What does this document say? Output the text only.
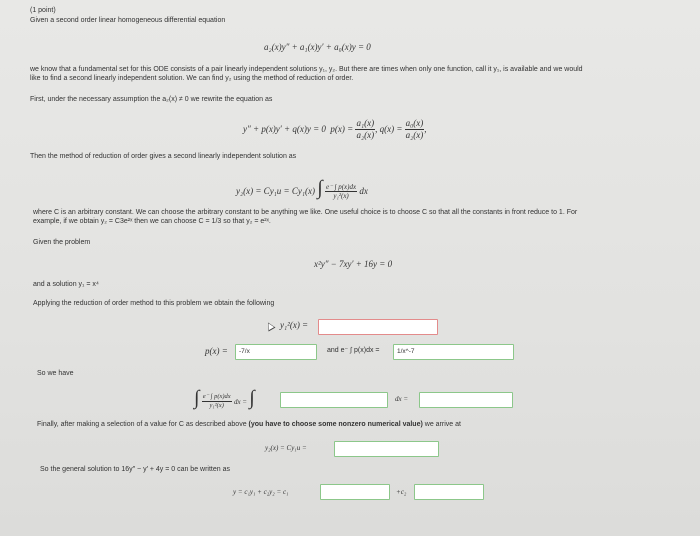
(1 point)
Given a second order linear homogeneous differential equation
a₂(x)y″ + a₁(x)y′ + a₀(x)y = 0
we know that a fundamental set for this ODE consists of a pair linearly independent solutions y₁, y₂. But there are times when only one function, call it y₁, is available and we would
like to find a second linearly independent solution. We can find y₂ using the method of reduction of order.
First, under the necessary assumption the a₂(x) ≠ 0 we rewrite the equation as
y″ + p(x)y′ + q(x)y = 0 $p(x) = \frac{\text{a₁(x)}}{\text{a₂(x)}}$ , $q(x) = \frac{\text{a₀(x)}}{\text{a₂(x)}}$ ,
Then the method of reduction of order gives a second linearly independent solution as
y₂(x) = Cy₁u = Cy₁(x) ∫ $\frac{e^- \int p(x)dx}{\text{y₁²(x)}}$ dx
where C is an arbitrary constant. We can choose the arbitrary constant to be anything we like. One useful choice is to choose C so that all the constants in front reduce to 1. For
example, if we obtain y₂ = C3e²ˣ then we can choose C = 1/3 so that y₂ = e²ˣ.
Given the problem
x²y″ − 7xy′ + 16y = 0
and a solution y₁ = x⁴
Applying the reduction of order method to this problem we obtain the following
y₁²(x) =
p(x) =	-7/x	and e⁻ ∫ p(x)dx =	1/x^-7
So we have
∫ $\frac{e^- \int p(x)dx}{\text{y₁²(x)}}$ dx = ∫	dx =
Finally, after making a selection of a value for C as described above (you have to choose some nonzero numerical value) we arrive at
y₂(x) = Cy₁u =
So the general solution to 16y″ − y′ + 4y = 0 can be written as
y = c₁y₁ + c₂y₂ = c₁	+c₂
